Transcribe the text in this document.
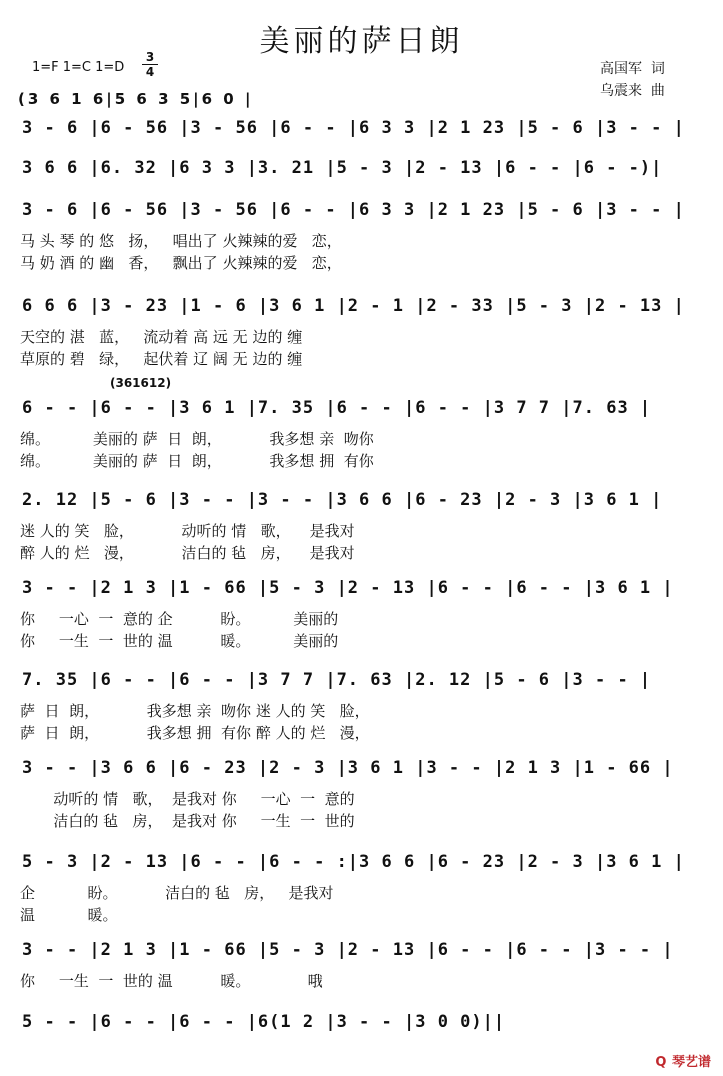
美丽的萨日朗
1=F 1=C 1=D
3
4	高国军  词
乌震来  曲
(3 6 1 6|5 6 3 5|6 0 |
(361612)
3 - 6 |6 - 56 |3 - 56 |6 - - |6 3 3 |2 1 23 |5 - 6 |3 - - |
3 6 6 |6. 32 |6 3 3 |3. 21 |5 - 3 |2 - 13 |6 - - |6 - -)|
3 - 6 |6 - 56 |3 - 56 |6 - - |6 3 3 |2 1 23 |5 - 6 |3 - - |
马 头 琴 的 悠   扬，   唱出了 火辣辣的爱   恋，
马 奶 酒 的 幽   香，   飘出了 火辣辣的爱   恋，
6 6 6 |3 - 23 |1 - 6 |3 6 1 |2 - 1 |2 - 33 |5 - 3 |2 - 13 |
天空的 湛   蓝，   流动着 高 远 无 边的 缠
草原的 碧   绿，   起伏着 辽 阔 无 边的 缠
6 - - |6 - - |3 6 1 |7. 35 |6 - - |6 - - |3 7 7 |7. 63 |
绵。         美丽的 萨  日  朗，          我多想 亲  吻你
绵。         美丽的 萨  日  朗，          我多想 拥  有你
2. 12 |5 - 6 |3 - - |3 - - |3 6 6 |6 - 23 |2 - 3 |3 6 1 |
迷 人的 笑   脸，          动听的 情   歌，    是我对
醉 人的 烂   漫，          洁白的 毡   房，    是我对
3 - - |2 1 3 |1 - 66 |5 - 3 |2 - 13 |6 - - |6 - - |3 6 1 |
你     一心  一  意的 企          盼。         美丽的
你     一生  一  世的 温          暖。         美丽的
7. 35 |6 - - |6 - - |3 7 7 |7. 63 |2. 12 |5 - 6 |3 - - |
萨  日  朗，          我多想 亲  吻你 迷 人的 笑   脸，
萨  日  朗，          我多想 拥  有你 醉 人的 烂   漫，
3 - - |3 6 6 |6 - 23 |2 - 3 |3 6 1 |3 - - |2 1 3 |1 - 66 |
动听的 情   歌，  是我对 你     一心  一  意的
洁白的 毡   房，  是我对 你     一生  一  世的
5 - 3 |2 - 13 |6 - - |6 - - :|3 6 6 |6 - 23 |2 - 3 |3 6 1 |
企           盼。          洁白的 毡   房，   是我对
温           暖。
3 - - |2 1 3 |1 - 66 |5 - 3 |2 - 13 |6 - - |6 - - |3 - - |
你     一生  一  世的 温          暖。            哦
5 - - |6 - - |6 - - |6(1 2 |3 - - |3 0 0)||
Q 琴艺谱
